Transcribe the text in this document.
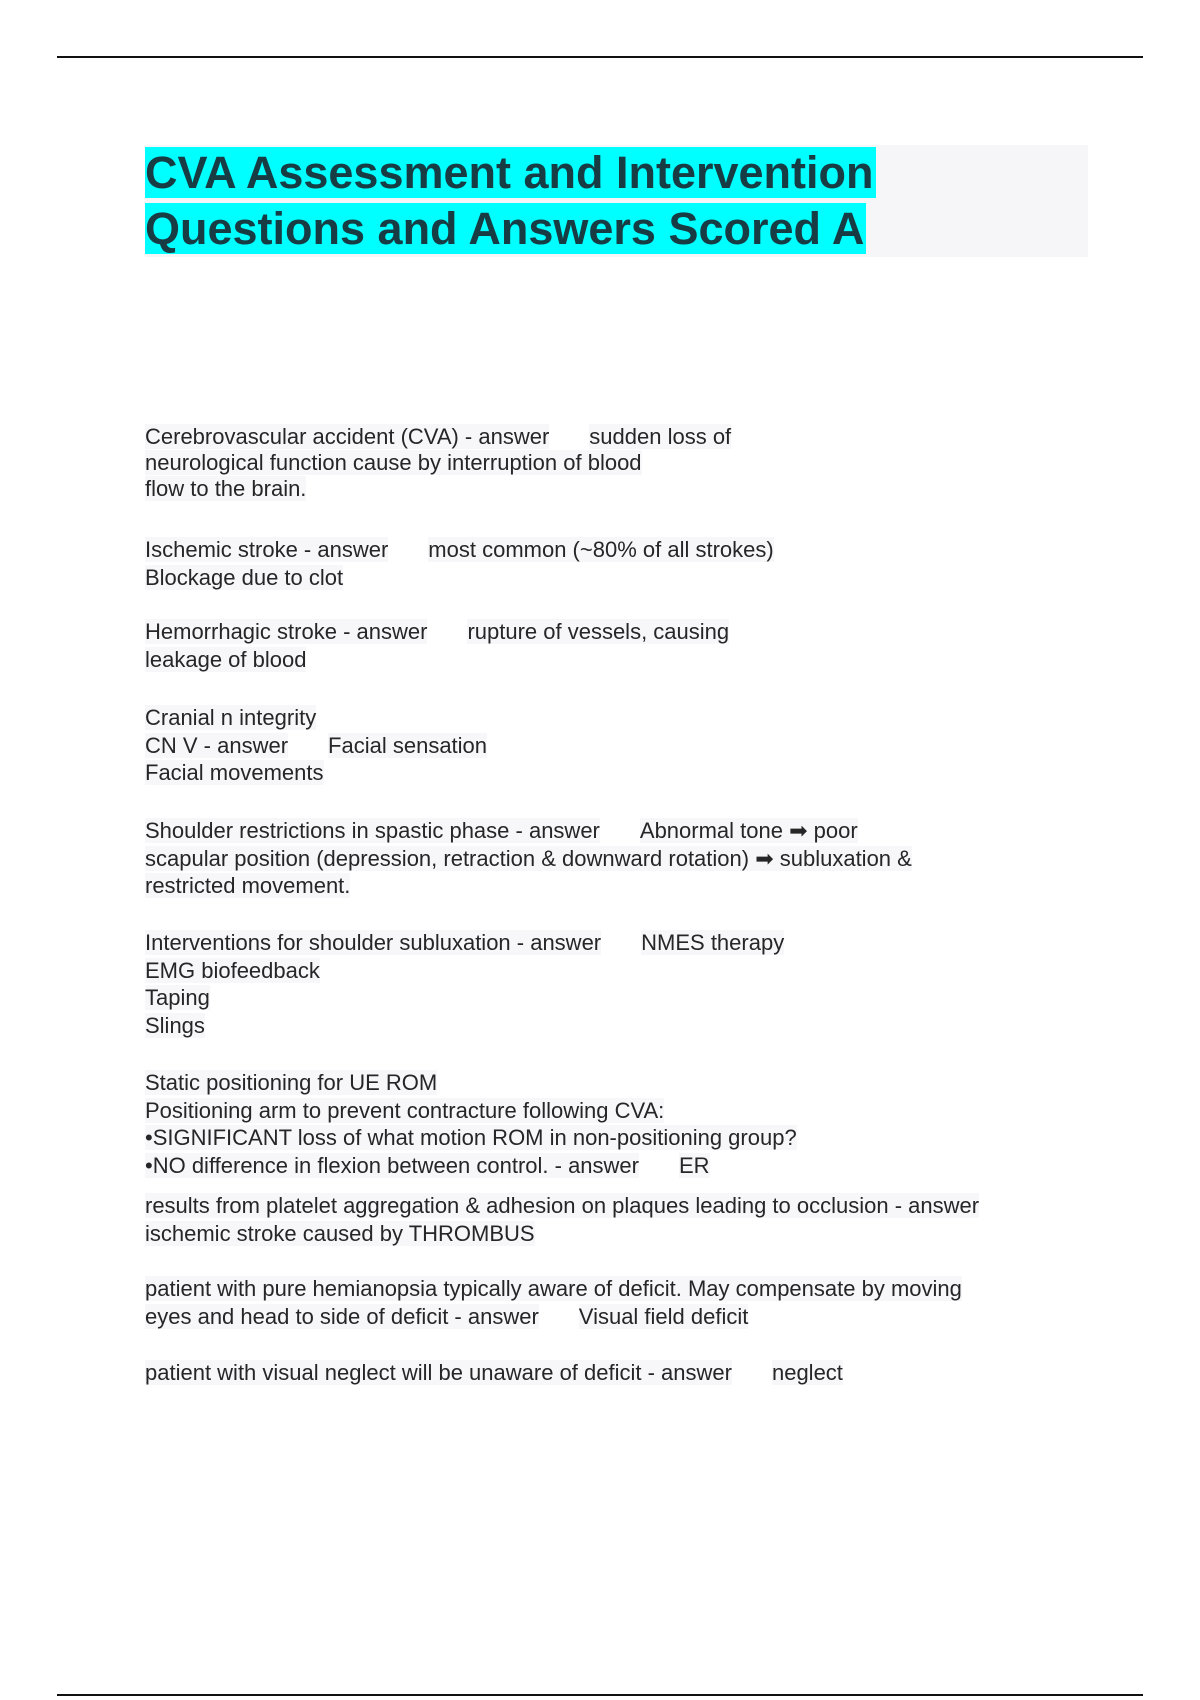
CVA Assessment and Intervention
Questions and Answers Scored A
Cerebrovascular accident (CVA) - answer sudden loss of
neurological function cause by interruption of blood
flow to the brain.
Ischemic stroke - answer most common (~80% of all strokes)
Blockage due to clot
Hemorrhagic stroke - answer rupture of vessels, causing
leakage of blood
Cranial n integrity
CN V - answer Facial sensation
Facial movements
Shoulder restrictions in spastic phase - answer Abnormal tone ➡ poor
scapular position (depression, retraction & downward rotation) ➡ subluxation &
restricted movement.
Interventions for shoulder subluxation - answer NMES therapy
EMG biofeedback
Taping
Slings
Static positioning for UE ROM
Positioning arm to prevent contracture following CVA:
•SIGNIFICANT loss of what motion ROM in non-positioning group?
•NO difference in flexion between control. - answer ER
results from platelet aggregation & adhesion on plaques leading to occlusion - answer
ischemic stroke caused by THROMBUS
patient with pure hemianopsia typically aware of deficit. May compensate by moving
eyes and head to side of deficit - answer Visual field deficit
patient with visual neglect will be unaware of deficit - answer neglect
